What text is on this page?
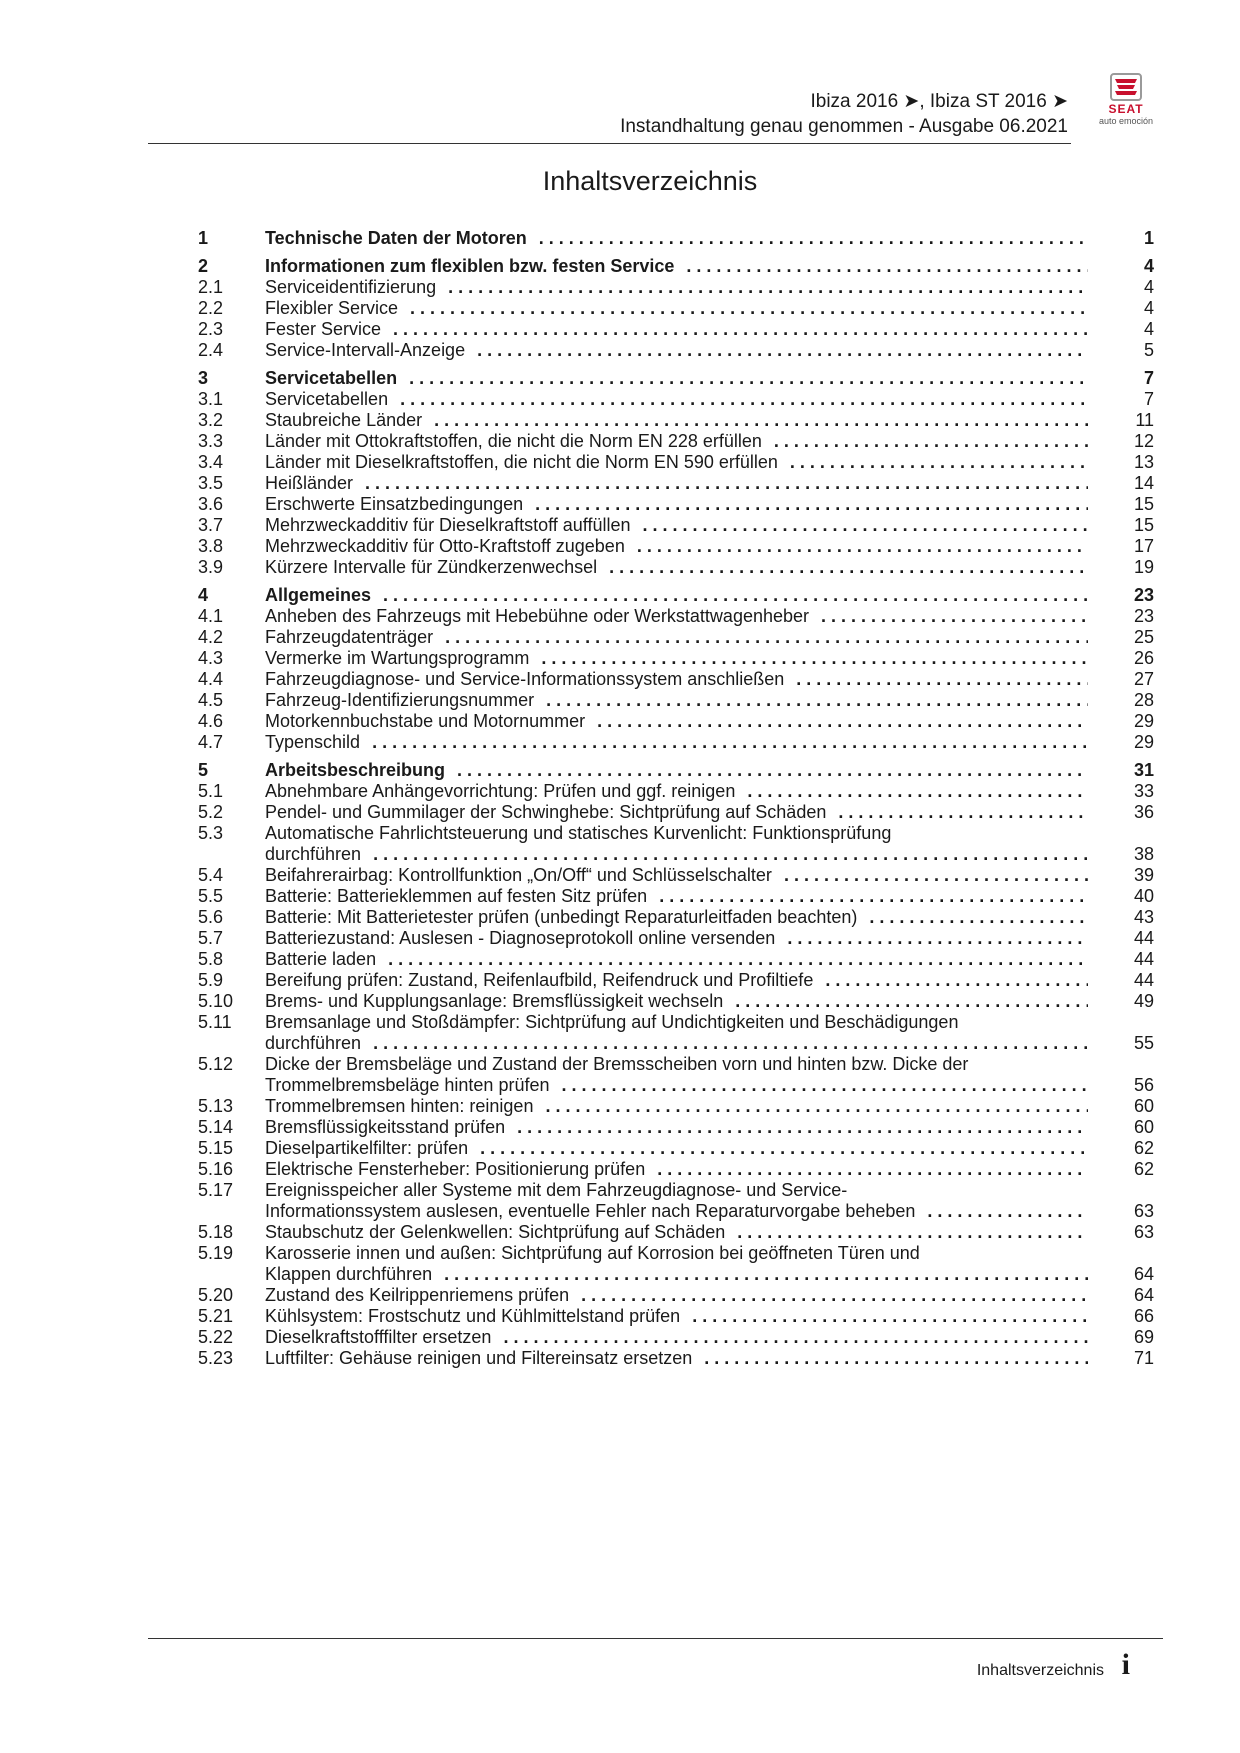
Ibiza 2016 ➤, Ibiza ST 2016 ➤
Instandhaltung genau genommen - Ausgabe 06.2021
SEAT
auto emoción
Inhaltsverzeichnis
1	Technische Daten der Motoren . . .	1
2	Informationen zum flexiblen bzw. festen Service . . .	4
2.1 Serviceidentifizierung . . .	4
2.2 Flexibler Service . . .	4
2.3 Fester Service . . .	4
2.4 Service-Intervall-Anzeige . . .	5
3	Servicetabellen . . .	7
3.1 Servicetabellen . . .	7
3.2 Staubreiche Länder . . .	11
3.3 Länder mit Ottokraftstoffen, die nicht die Norm EN 228 erfüllen . . .	12
3.4 Länder mit Dieselkraftstoffen, die nicht die Norm EN 590 erfüllen . . .	13
3.5 Heißländer . . .	14
3.6 Erschwerte Einsatzbedingungen . . .	15
3.7 Mehrzweckadditiv für Dieselkraftstoff auffüllen . . .	15
3.8 Mehrzweckadditiv für Otto-Kraftstoff zugeben . . .	17
3.9 Kürzere Intervalle für Zündkerzenwechsel . . .	19
4	Allgemeines . . .	23
4.1 Anheben des Fahrzeugs mit Hebebühne oder Werkstattwagenheber . . .	23
4.2 Fahrzeugdatenträger . . .	25
4.3 Vermerke im Wartungsprogramm . . .	26
4.4 Fahrzeugdiagnose- und Service-Informationssystem anschließen . . .	27
4.5 Fahrzeug-Identifizierungsnummer . . .	28
4.6 Motorkennbuchstabe und Motornummer . . .	29
4.7 Typenschild . . .	29
5	Arbeitsbeschreibung . . .	31
5.1 Abnehmbare Anhängevorrichtung: Prüfen und ggf. reinigen . . .	33
5.2 Pendel- und Gummilager der Schwinghebe: Sichtprüfung auf Schäden . . .	36
5.3 Automatische Fahrlichtsteuerung und statisches Kurvenlicht: Funktionsprüfung
durchführen . . .	38
5.4 Beifahrerairbag: Kontrollfunktion „On/Off“ und Schlüsselschalter . . .	39
5.5 Batterie: Batterieklemmen auf festen Sitz prüfen . . .	40
5.6 Batterie: Mit Batterietester prüfen (unbedingt Reparaturleitfaden beachten) . . .	43
5.7 Batteriezustand: Auslesen - Diagnoseprotokoll online versenden . . .	44
5.8 Batterie laden . . .	44
5.9 Bereifung prüfen: Zustand, Reifenlaufbild, Reifendruck und Profiltiefe . . .	44
5.10 Brems- und Kupplungsanlage: Bremsflüssigkeit wechseln . . .	49
5.11 Bremsanlage und Stoßdämpfer: Sichtprüfung auf Undichtigkeiten und Beschädigungen
durchführen . . .	55
5.12 Dicke der Bremsbeläge und Zustand der Bremsscheiben vorn und hinten bzw. Dicke der
Trommelbremsbeläge hinten prüfen . . .	56
5.13 Trommelbremsen hinten: reinigen . . .	60
5.14 Bremsflüssigkeitsstand prüfen . . .	60
5.15 Dieselpartikelfilter: prüfen . . .	62
5.16 Elektrische Fensterheber: Positionierung prüfen . . .	62
5.17 Ereignisspeicher aller Systeme mit dem Fahrzeugdiagnose- und Service-
Informationssystem auslesen, eventuelle Fehler nach Reparaturvorgabe beheben . . .	63
5.18 Staubschutz der Gelenkwellen: Sichtprüfung auf Schäden . . .	63
5.19 Karosserie innen und außen: Sichtprüfung auf Korrosion bei geöffneten Türen und
Klappen durchführen . . .	64
5.20 Zustand des Keilrippenriemens prüfen . . .	64
5.21 Kühlsystem: Frostschutz und Kühlmittelstand prüfen . . .	66
5.22 Dieselkraftstofffilter ersetzen . . .	69
5.23 Luftfilter: Gehäuse reinigen und Filtereinsatz ersetzen . . .	71
Inhaltsverzeichnis i
